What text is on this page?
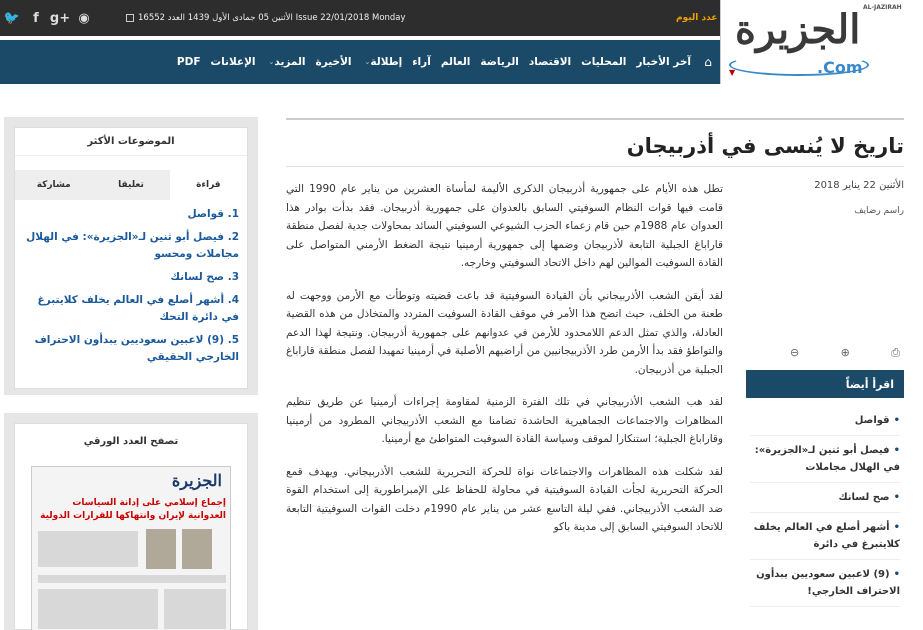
🐦	f g+ ◉	الأثنين 05 جمادى الأول 1439 العدد 16552 Issue 22/01/2018 Monday	عدد اليوم الجزيرة AL-JAZIRAH
.Com
▼
⌂
آخر الأخبار
المحليات
الاقتصاد
الرياضة
العالم
آراء
⌄ إطلالة
الأخيرة
⌄ المزيد
الإعلانات
PDF
الموضوعات الأكثر
قراءة
تعليقا
مشاركة
1. قواصل
2. فيصل أبو ثنين لـ«الجزيرة»: في الهلال مجاملات ومحسو
3. صح لسانك
4. أشهر أصلع في العالم يخلف كلايتبرغ في دائرة التحك
5. (9) لاعبين سعوديين يبدأون الاحتراف الخارجي الحقيقي
تصفح العدد الورقي
الجزيرة
إجماع إسلامي على إدانة السياسات العدوانية لإيران وانتهاكها للقرارات الدولية
تاريخ لا يُنسى في أذربيجان
الأثنين 22 يناير 2018
راسم رضايف

تطل هذه الأيام على جمهورية أذربيجان الذكرى الأليمة لمأساة العشرين من يناير عام 1990 التي قامت فيها قوات النظام السوفيتي السابق بالعدوان على جمهورية أذربيجان. فقد بدأت بوادر هذا العدوان عام 1988م حين قام زعماء الحزب الشيوعي السوفيتي السائد بمحاولات جدية لفصل منطقة قاراباغ الجبلية التابعة لأذربيجان وضمها إلى جمهورية أرمينيا نتيجة الضغط الأرمني المتواصل على القادة السوفيت الموالين لهم داخل الاتحاد السوفيتي وخارجه.

لقد أيقن الشعب الأذربيجاني بأن القيادة السوفيتية قد باعت قضيته وتوطأت مع الأرمن ووجهت له طعنة من الخلف، حيث اتضح هذا الأمر في موقف القادة السوفيت المتردد والمتخاذل من هذه القضية العادلة، والذي تمثل الدعم اللامحدود للأرمن في عدوانهم على جمهورية أذربيجان. ونتيجة لهذا الدعم والتواطؤ فقد بدأ الأرمن طرد الأذربيجانيين من أراضيهم الأصلية في أرمينيا تمهيدا لفصل منطقة قاراباغ الجبلية من أذربيجان.

لقد هب الشعب الأذربيجاني في تلك الفترة الزمنية لمقاومة إجراءات أرمينيا عن طريق تنظيم المظاهرات والاجتماعات الجماهيرية الحاشدة تضامنا مع الشعب الأذربيجاني المطرود من أرمينيا وقاراباغ الجبلية؛ استنكارا لموقف وسياسة القادة السوفيت المتواطئ مع أرمينيا.

لقد شكلت هذه المظاهرات والاجتماعات نواة للحركة التحريرية للشعب الأذربيجاني. ويهدف قمع الحركة التحريرية لجأت القيادة السوفيتية في محاولة للحفاظ على الإمبراطورية إلى استخدام القوة ضد الشعب الأذربيجاني. ففي ليلة التاسع عشر من يناير عام 1990م دخلت القوات السوفيتية التابعة للاتحاد السوفيتي السابق إلى مدينة باكو

⊖	⊕	⎙
اقرأ أيضاً
•قواصل
•فيصل أبو ثنين لـ«الجزيرة»: في الهلال مجاملات
•صح لسانك
•أشهر أصلع في العالم يخلف كلايتبرغ في دائرة
•(9) لاعبين سعوديين يبدأون الاحتراف الخارجي!
